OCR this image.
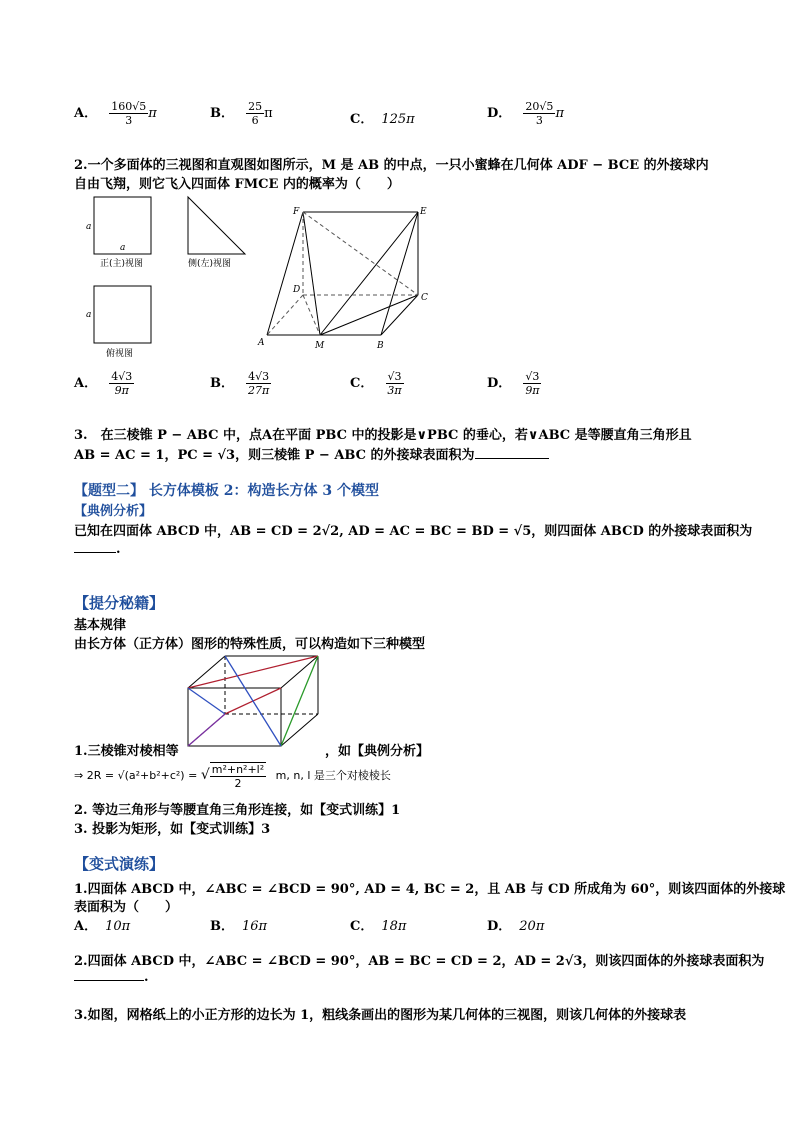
A． $\frac{160√5}{3}$ π	B． $\frac{25}{6}$ π	C． 125π	D． $\frac{20√5}{3}$ π
2.一个多面体的三视图和直观图如图所示，M 是 AB 的中点，一只小蜜蜂在几何体 ADF − BCE 的外接球内
自由飞翔，则它飞入四面体 FMCE 内的概率为（　　）
a
a
正(主)视图	侧(左)视图
a
俯视图
F	E
D
C
A	M	B
A． $\frac{4√3}{9\pi}$	B． $\frac{4√3}{27\pi}$	C． $\frac{√3}{3\pi}$	D． $\frac{√3}{9\pi}$
3.　在三棱锥 P − ABC 中，点A在平面 PBC 中的投影是∨PBC 的垂心，若∨ABC 是等腰直角三角形且
AB = AC = 1，PC = √3，则三棱锥 P − ABC 的外接球表面积为
【题型二】 长方体模板 2：构造长方体 3 个模型
【典例分析】
已知在四面体 ABCD 中，AB = CD = 2√2, AD = AC = BC = BD = √5，则四面体 ABCD 的外接球表面积为
.
【提分秘籍】
基本规律
由长方体（正方体）图形的特殊性质，可以构造如下三种模型
1.三棱锥对棱相等	，如【典例分析】
⇒ 2R = √(a²+b²+c²) = √ $\frac{\text{m²+n²+l²}}{2} m$, n, l 是三个对棱棱长
2. 等边三角形与等腰直角三角形连接，如【变式训练】1
3. 投影为矩形，如【变式训练】3
【变式演练】
1.四面体 ABCD 中，∠ABC = ∠BCD = 90°, AD = 4, BC = 2，且 AB 与 CD 所成角为 60°，则该四面体的外接球
表面积为（　　）
A． 10π	B． 16π	C． 18π	D． 20π
2.四面体 ABCD 中，∠ABC = ∠BCD = 90°，AB = BC = CD = 2，AD = 2√3，则该四面体的外接球表面积为
.
3.如图，网格纸上的小正方形的边长为 1，粗线条画出的图形为某几何体的三视图，则该几何体的外接球表
